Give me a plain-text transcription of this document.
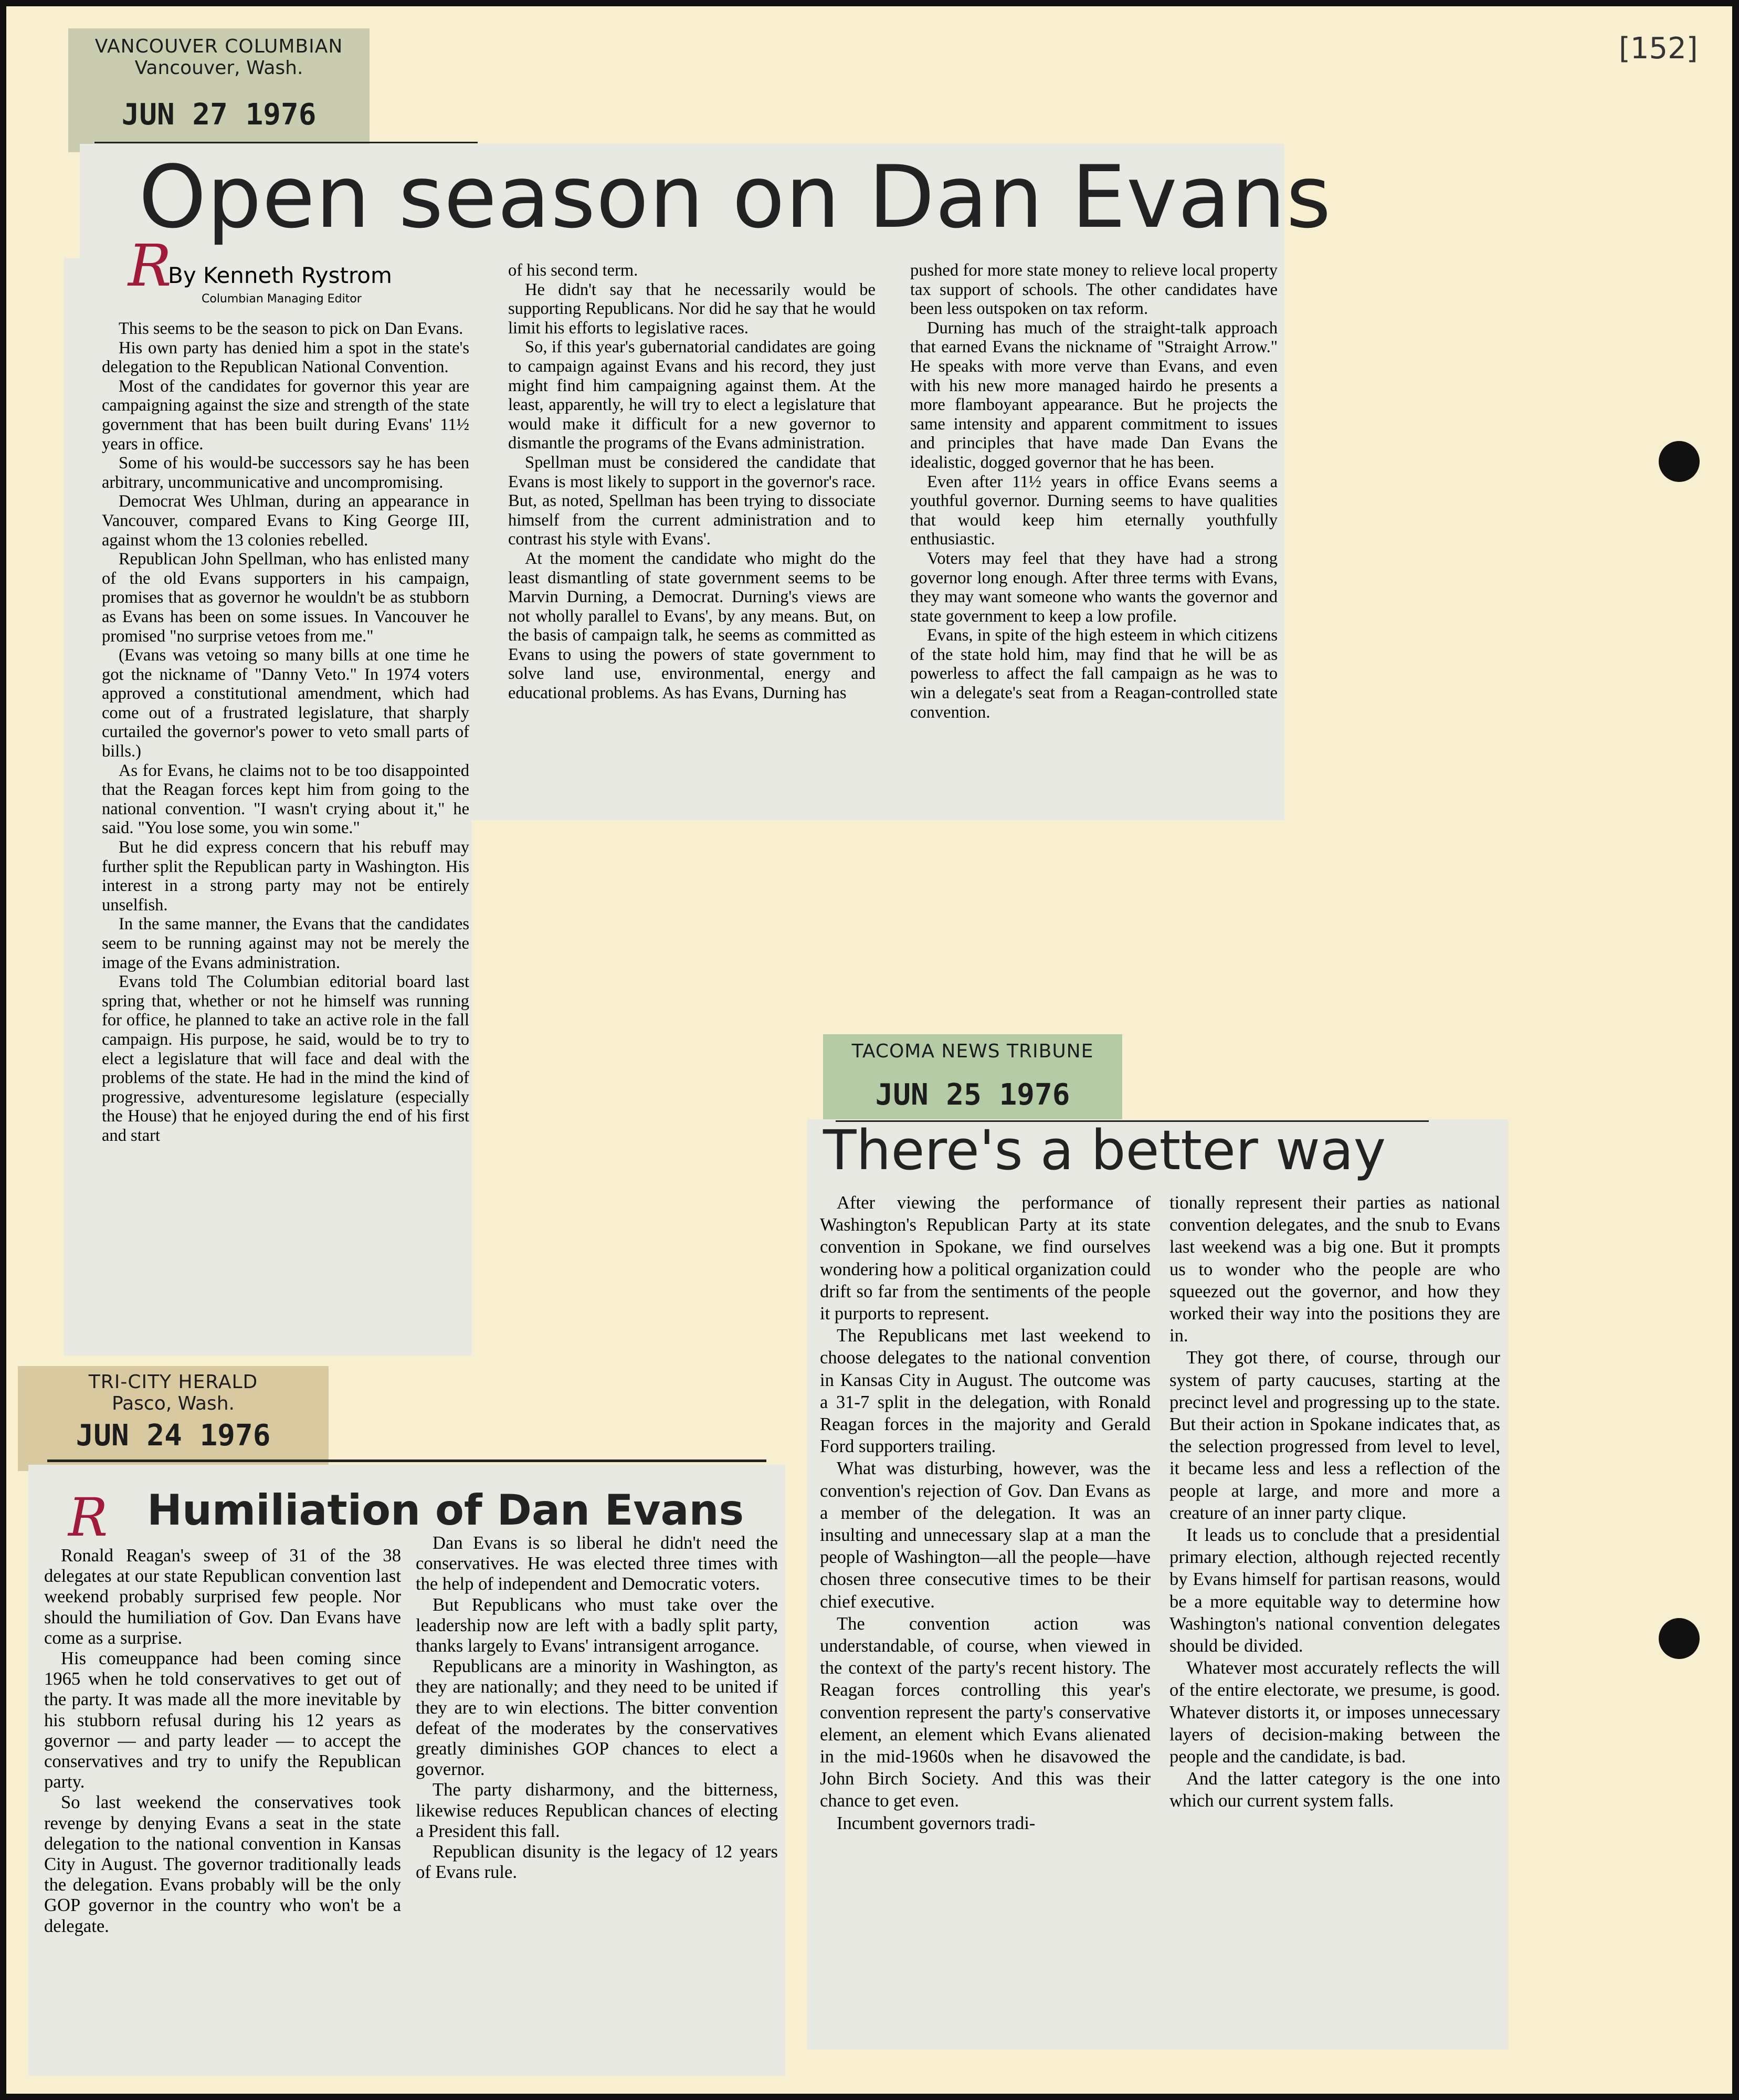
[152]
VANCOUVER COLUMBIAN
Vancouver, Wash.
JUN 27 1976
Open season on Dan Evans
R
By Kenneth Rystrom
Columbian Managing Editor

This seems to be the season to pick on Dan Evans.

His own party has denied him a spot in the state's delegation to the Republican National Convention.

Most of the candidates for governor this year are campaigning against the size and strength of the state government that has been built during Evans' 11½ years in office.

Some of his would-be successors say he has been arbitrary, uncommunicative and uncompromising.

Democrat Wes Uhlman, during an appearance in Vancouver, compared Evans to King George III, against whom the 13 colonies rebelled.

Republican John Spellman, who has enlisted many of the old Evans supporters in his campaign, promises that as governor he wouldn't be as stubborn as Evans has been on some issues. In Vancouver he promised "no surprise vetoes from me."

(Evans was vetoing so many bills at one time he got the nickname of "Danny Veto." In 1974 voters approved a constitutional amendment, which had come out of a frustrated legislature, that sharply curtailed the governor's power to veto small parts of bills.)

As for Evans, he claims not to be too disappointed that the Reagan forces kept him from going to the national convention. "I wasn't crying about it," he said. "You lose some, you win some."

But he did express concern that his rebuff may further split the Republican party in Washington. His interest in a strong party may not be entirely unselfish.

In the same manner, the Evans that the candidates seem to be running against may not be merely the image of the Evans administration.

Evans told The Columbian editorial board last spring that, whether or not he himself was running for office, he planned to take an active role in the fall campaign. His purpose, he said, would be to try to elect a legislature that will face and deal with the problems of the state. He had in the mind the kind of progressive, adventuresome legislature (especially the House) that he enjoyed during the end of his first and start

of his second term.

He didn't say that he necessarily would be supporting Republicans. Nor did he say that he would limit his efforts to legislative races.

So, if this year's gubernatorial candidates are going to campaign against Evans and his record, they just might find him campaigning against them. At the least, apparently, he will try to elect a legislature that would make it difficult for a new governor to dismantle the programs of the Evans administration.

Spellman must be considered the candidate that Evans is most likely to support in the governor's race. But, as noted, Spellman has been trying to dissociate himself from the current administration and to contrast his style with Evans'.

At the moment the candidate who might do the least dismantling of state government seems to be Marvin Durning, a Democrat. Durning's views are not wholly parallel to Evans', by any means. But, on the basis of campaign talk, he seems as committed as Evans to using the powers of state government to solve land use, environmental, energy and educational problems. As has Evans, Durning has

pushed for more state money to relieve local property tax support of schools. The other candidates have been less outspoken on tax reform.

Durning has much of the straight-talk approach that earned Evans the nickname of "Straight Arrow." He speaks with more verve than Evans, and even with his new more managed hairdo he presents a more flamboyant appearance. But he projects the same intensity and apparent commitment to issues and principles that have made Dan Evans the idealistic, dogged governor that he has been.

Even after 11½ years in office Evans seems a youthful governor. Durning seems to have qualities that would keep him eternally youthfully enthusiastic.

Voters may feel that they have had a strong governor long enough. After three terms with Evans, they may want someone who wants the governor and state government to keep a low profile.

Evans, in spite of the high esteem in which citizens of the state hold him, may find that he will be as powerless to affect the fall campaign as he was to win a delegate's seat from a Reagan-controlled state convention.

TACOMA NEWS TRIBUNE
JUN 25 1976
There's a better way

After viewing the performance of Washington's Republican Party at its state convention in Spokane, we find ourselves wondering how a political organization could drift so far from the sentiments of the people it purports to represent.

The Republicans met last weekend to choose delegates to the national convention in Kansas City in August. The outcome was a 31-7 split in the delegation, with Ronald Reagan forces in the majority and Gerald Ford supporters trailing.

What was disturbing, however, was the convention's rejection of Gov. Dan Evans as a member of the delegation. It was an insulting and unnecessary slap at a man the people of Washington—all the people—have chosen three consecutive times to be their chief executive.

The convention action was understandable, of course, when viewed in the context of the party's recent history. The Reagan forces controlling this year's convention represent the party's conservative element, an element which Evans alienated in the mid-1960s when he disavowed the John Birch Society. And this was their chance to get even.

Incumbent governors tradi-

tionally represent their parties as national convention delegates, and the snub to Evans last weekend was a big one. But it prompts us to wonder who the people are who squeezed out the governor, and how they worked their way into the positions they are in.

They got there, of course, through our system of party caucuses, starting at the precinct level and progressing up to the state. But their action in Spokane indicates that, as the selection progressed from level to level, it became less and less a reflection of the people at large, and more and more a creature of an inner party clique.

It leads us to conclude that a presidential primary election, although rejected recently by Evans himself for partisan reasons, would be a more equitable way to determine how Washington's national convention delegates should be divided.

Whatever most accurately reflects the will of the entire electorate, we presume, is good. Whatever distorts it, or imposes unnecessary layers of decision-making between the people and the candidate, is bad.

And the latter category is the one into which our current system falls.

TRI-CITY HERALD
Pasco, Wash.
JUN 24 1976
R Humiliation of Dan Evans

Ronald Reagan's sweep of 31 of the 38 delegates at our state Republican convention last weekend probably surprised few people. Nor should the humiliation of Gov. Dan Evans have come as a surprise.

His comeuppance had been coming since 1965 when he told conservatives to get out of the party. It was made all the more inevitable by his stubborn refusal during his 12 years as governor — and party leader — to accept the conservatives and try to unify the Republican party.

So last weekend the conservatives took revenge by denying Evans a seat in the state delegation to the national convention in Kansas City in August. The governor traditionally leads the delegation. Evans probably will be the only GOP governor in the country who won't be a delegate.

Dan Evans is so liberal he didn't need the conservatives. He was elected three times with the help of independent and Democratic voters.

But Republicans who must take over the leadership now are left with a badly split party, thanks largely to Evans' intransigent arrogance.

Republicans are a minority in Washington, as they are nationally; and they need to be united if they are to win elections. The bitter convention defeat of the moderates by the conservatives greatly diminishes GOP chances to elect a governor.

The party disharmony, and the bitterness, likewise reduces Republican chances of electing a President this fall.

Republican disunity is the legacy of 12 years of Evans rule.
